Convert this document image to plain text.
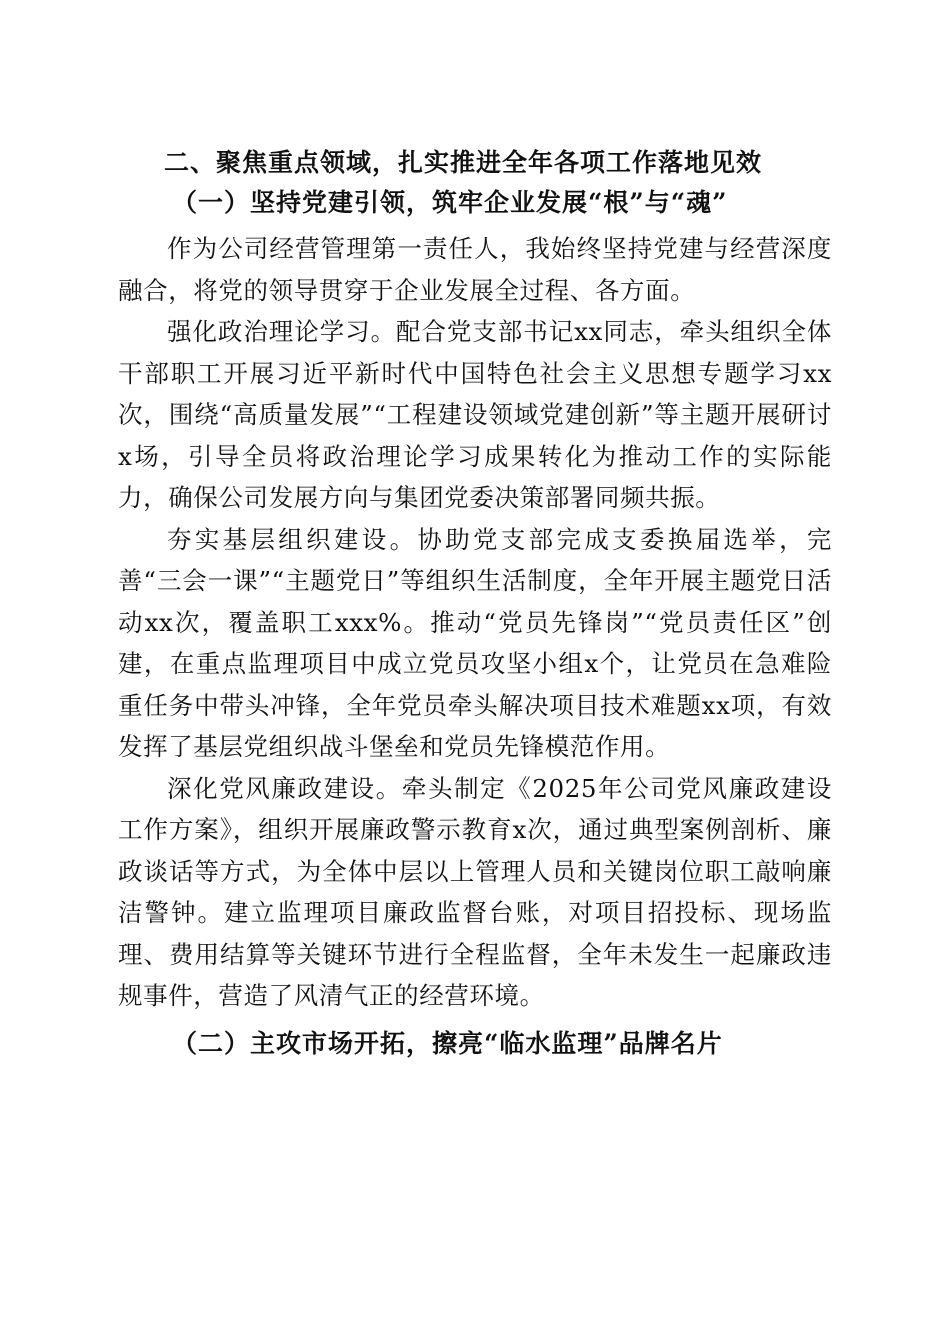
二、聚焦重点领域，扎实推进全年各项工作落地见效
（一）坚持党建引领，筑牢企业发展“根”与“魂”

作为公司经营管理第一责任人，我始终坚持党建与经营深度融合，将党的领导贯穿于企业发展全过程、各方面。

强化政治理论学习。配合党支部书记xx同志，牵头组织全体干部职工开展习近平新时代中国特色社会主义思想专题学习xx次，围绕“高质量发展”“工程建设领域党建创新”等主题开展研讨x场，引导全员将政治理论学习成果转化为推动工作的实际能力，确保公司发展方向与集团党委决策部署同频共振。

夯实基层组织建设。协助党支部完成支委换届选举，完善“三会一课”“主题党日”等组织生活制度，全年开展主题党日活动xx次，覆盖职工xxx%。推动“党员先锋岗”“党员责任区”创建，在重点监理项目中成立党员攻坚小组x个，让党员在急难险重任务中带头冲锋，全年党员牵头解决项目技术难题xx项，有效发挥了基层党组织战斗堡垒和党员先锋模范作用。

深化党风廉政建设。牵头制定《2025年公司党风廉政建设工作方案》，组织开展廉政警示教育x次，通过典型案例剖析、廉政谈话等方式，为全体中层以上管理人员和关键岗位职工敲响廉洁警钟。建立监理项目廉政监督台账，对项目招投标、现场监理、费用结算等关键环节进行全程监督，全年未发生一起廉政违规事件，营造了风清气正的经营环境。

（二）主攻市场开拓，擦亮“临水监理”品牌名片
